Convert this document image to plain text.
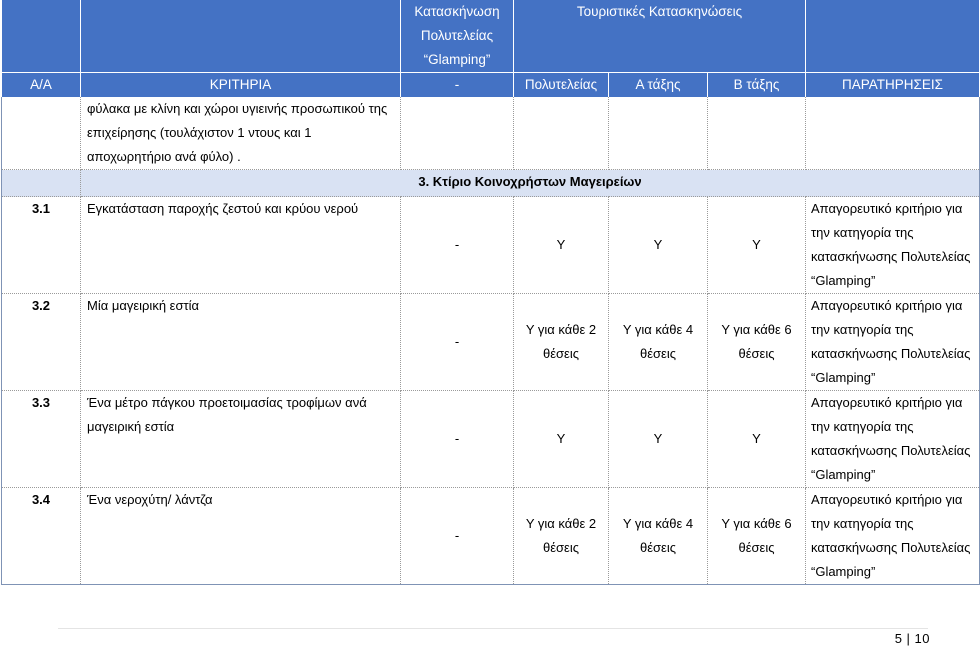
		Κατασκήνωση Πολυτελείας “Glamping”	Τουριστικές Κατασκηνώσεις			
Α/Α	ΚΡΙΤΗΡΙΑ	-	Πολυτελείας	Α τάξης	Β τάξης	ΠΑΡΑΤΗΡΗΣΕΙΣ
	φύλακα με κλίνη και χώροι υγιεινής προσωπικού της επιχείρησης (τουλάχιστον 1 ντους και 1 αποχωρητήριο ανά φύλο) .					
	3. Κτίριο Κοινοχρήστων Μαγειρείων					
3.1	Εγκατάσταση παροχής ζεστού και κρύου νερού	-	Υ	Υ	Υ	Απαγορευτικό κριτήριο για την κατηγορία της κατασκήνωσης Πολυτελείας “Glamping”
3.2	Μία μαγειρική εστία	-	Υ για κάθε 2 θέσεις	Υ για κάθε 4 θέσεις	Υ για κάθε 6 θέσεις	Απαγορευτικό κριτήριο για την κατηγορία της κατασκήνωσης Πολυτελείας “Glamping”
3.3	Ένα μέτρο πάγκου προετοιμασίας τροφίμων ανά μαγειρική εστία	-	Υ	Υ	Υ	Απαγορευτικό κριτήριο για την κατηγορία της κατασκήνωσης Πολυτελείας “Glamping”
3.4	Ένα νεροχύτη/ λάντζα	-	Υ για κάθε 2 θέσεις	Υ για κάθε 4 θέσεις	Υ για κάθε 6 θέσεις	Απαγορευτικό κριτήριο για την κατηγορία της κατασκήνωσης Πολυτελείας “Glamping”
5 | 10
